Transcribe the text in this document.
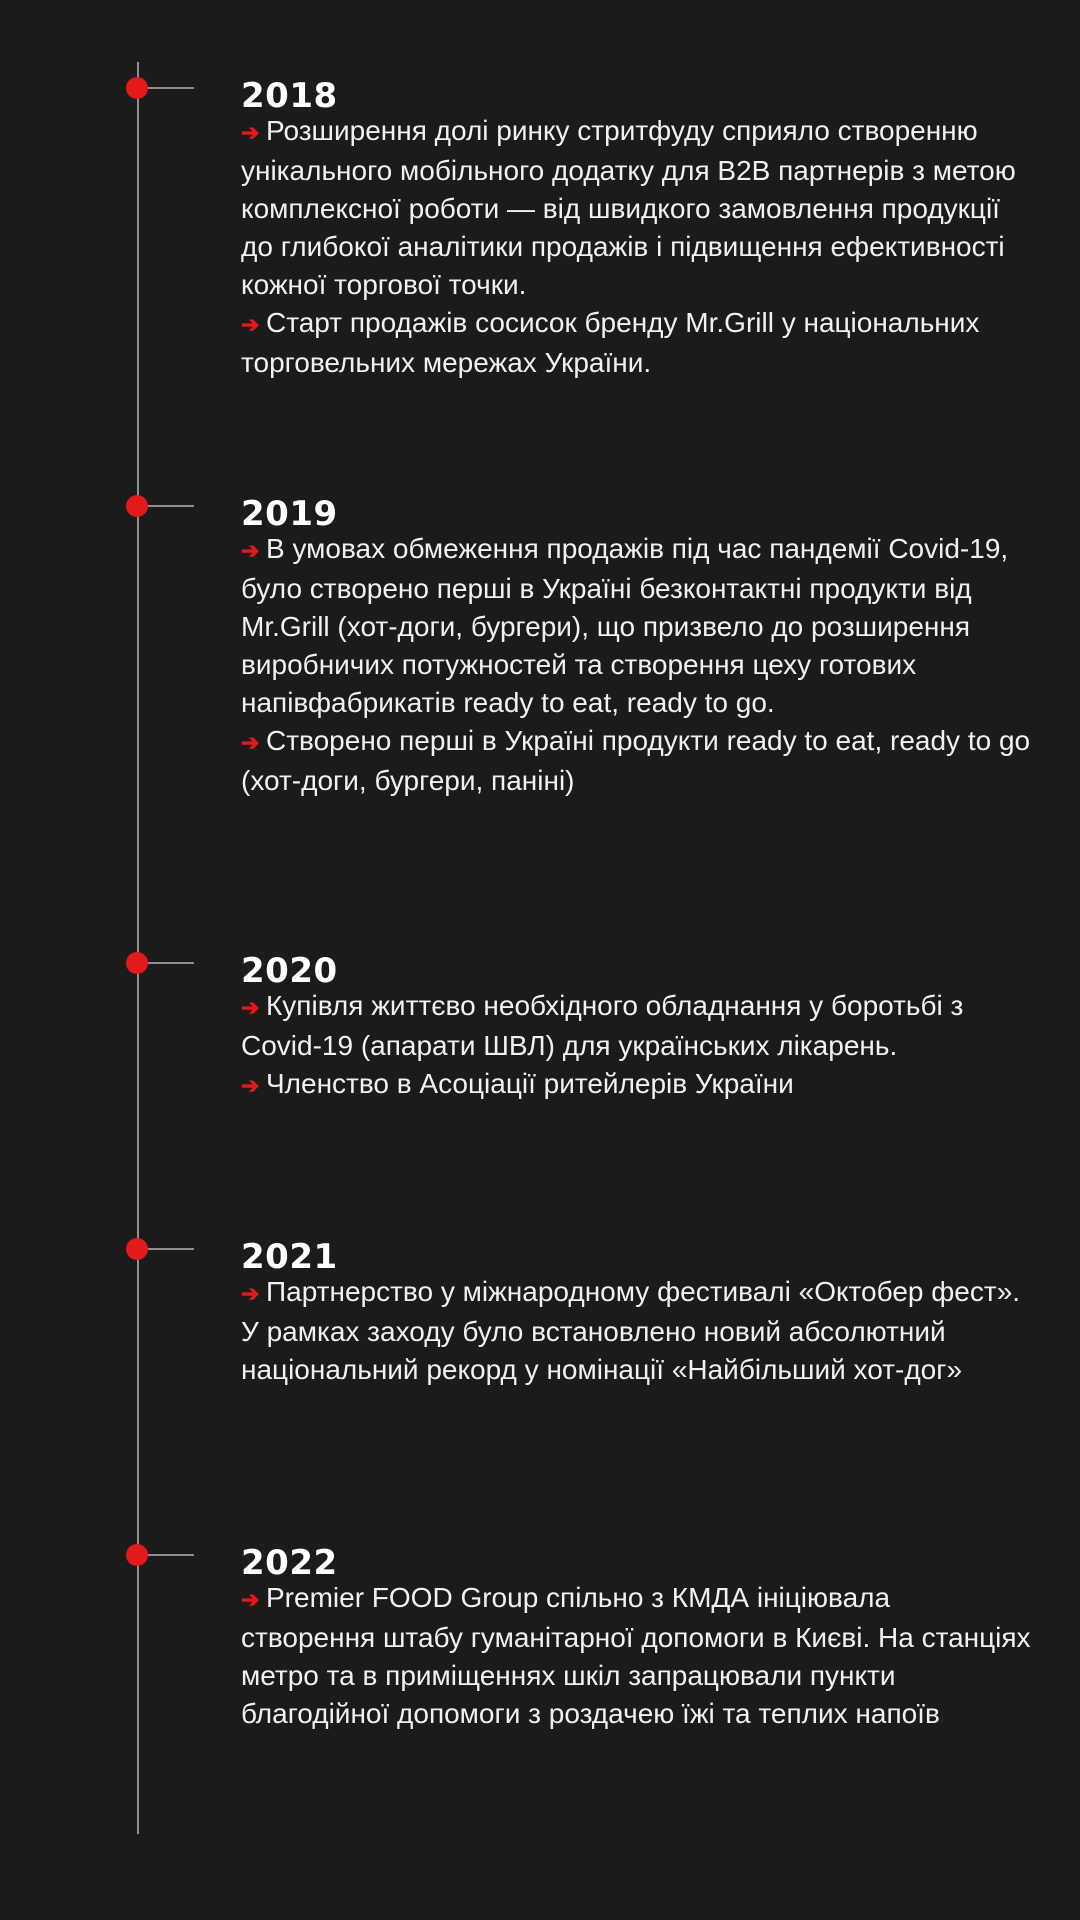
2018
➔ Розширення долі ринку стритфуду сприяло створенню унікального мобільного додатку для B2B партнерів з метою комплексної роботи — від швидкого замовлення продукції до глибокої аналітики продажів і підвищення ефективності кожної торгової точки.
➔ Старт продажів сосисок бренду Mr.Grill у національних торговельних мережах України.
2019
➔ В умовах обмеження продажів під час пандемії Covid-19, було створено перші в Україні безконтактні продукти від Mr.Grill (хот-доги, бургери), що призвело до розширення виробничих потужностей та створення цеху готових напівфабрикатів ready to eat, ready to go.
➔ Створено перші в Україні продукти ready to eat, ready to go (хот-доги, бургери, паніні)
2020
➔ Купівля життєво необхідного обладнання у боротьбі з Covid-19 (апарати ШВЛ) для українських лікарень.
➔ Членство в Асоціації ритейлерів України
2021
➔ Партнерство у міжнародному фестивалі «Октобер фест». У рамках заходу було встановлено новий абсолютний національний рекорд у номінації «Найбільший хот-дог»
2022
➔ Premier FOOD Group спільно з КМДА ініціювала створення штабу гуманітарної допомоги в Києві. На станціях метро та в приміщеннях шкіл запрацювали пункти благодійної допомоги з роздачею їжі та теплих напоїв
